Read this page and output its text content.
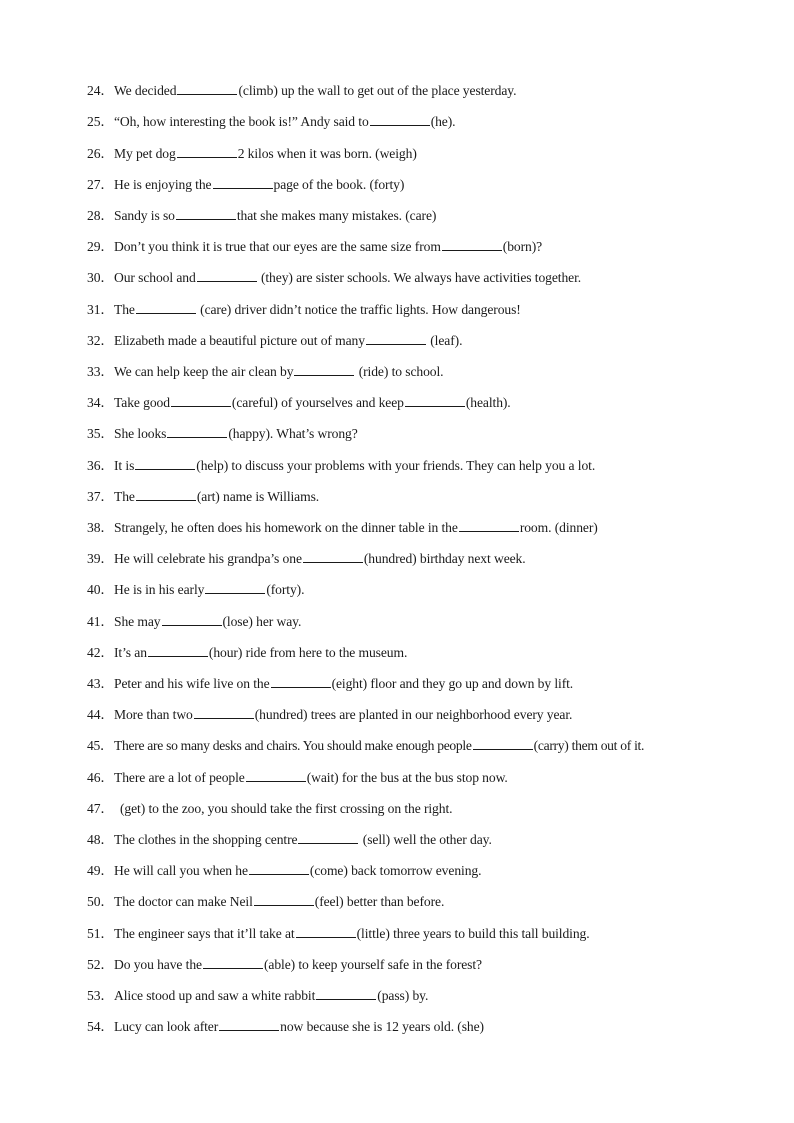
24．We decided	(climb) up the wall to get out of the place yesterday.
25．“Oh, how interesting the book is!” Andy said to	(he).
26．My pet dog	2 kilos when it was born. (weigh)
27．He is enjoying the	page of the book. (forty)
28．Sandy is so	that she makes many mistakes. (care)
29．Don’t you think it is true that our eyes are the same size from	(born)?
30．Our school and	(they) are sister schools. We always have activities together.
31．The	(care) driver didn’t notice the traffic lights. How dangerous!
32．Elizabeth made a beautiful picture out of many	(leaf).
33．We can help keep the air clean by	(ride) to school.
34．Take good	(careful) of yourselves and keep	(health).
35．She looks	(happy). What’s wrong?
36．It is	(help) to discuss your problems with your friends. They can help you a lot.
37．The	(art) name is Williams.
38．Strangely, he often does his homework on the dinner table in the	room. (dinner)
39．He will celebrate his grandpa’s one	(hundred) birthday next week.
40．He is in his early	(forty).
41．She may	(lose) her way.
42．It’s an	(hour) ride from here to the museum.
43．Peter and his wife live on the	(eight) floor and they go up and down by lift.
44．More than two	(hundred) trees are planted in our neighborhood every year.
45．There are so many desks and chairs. You should make enough people	(carry) them out of it.
46．There are a lot of people	(wait) for the bus at the bus stop now.
47． (get) to the zoo, you should take the first crossing on the right.
48．The clothes in the shopping centre	(sell) well the other day.
49．He will call you when he	(come) back tomorrow evening.
50．The doctor can make Neil	(feel) better than before.
51．The engineer says that it’ll take at	(little) three years to build this tall building.
52．Do you have the	(able) to keep yourself safe in the forest?
53．Alice stood up and saw a white rabbit	(pass) by.
54．Lucy can look after	now because she is 12 years old. (she)
